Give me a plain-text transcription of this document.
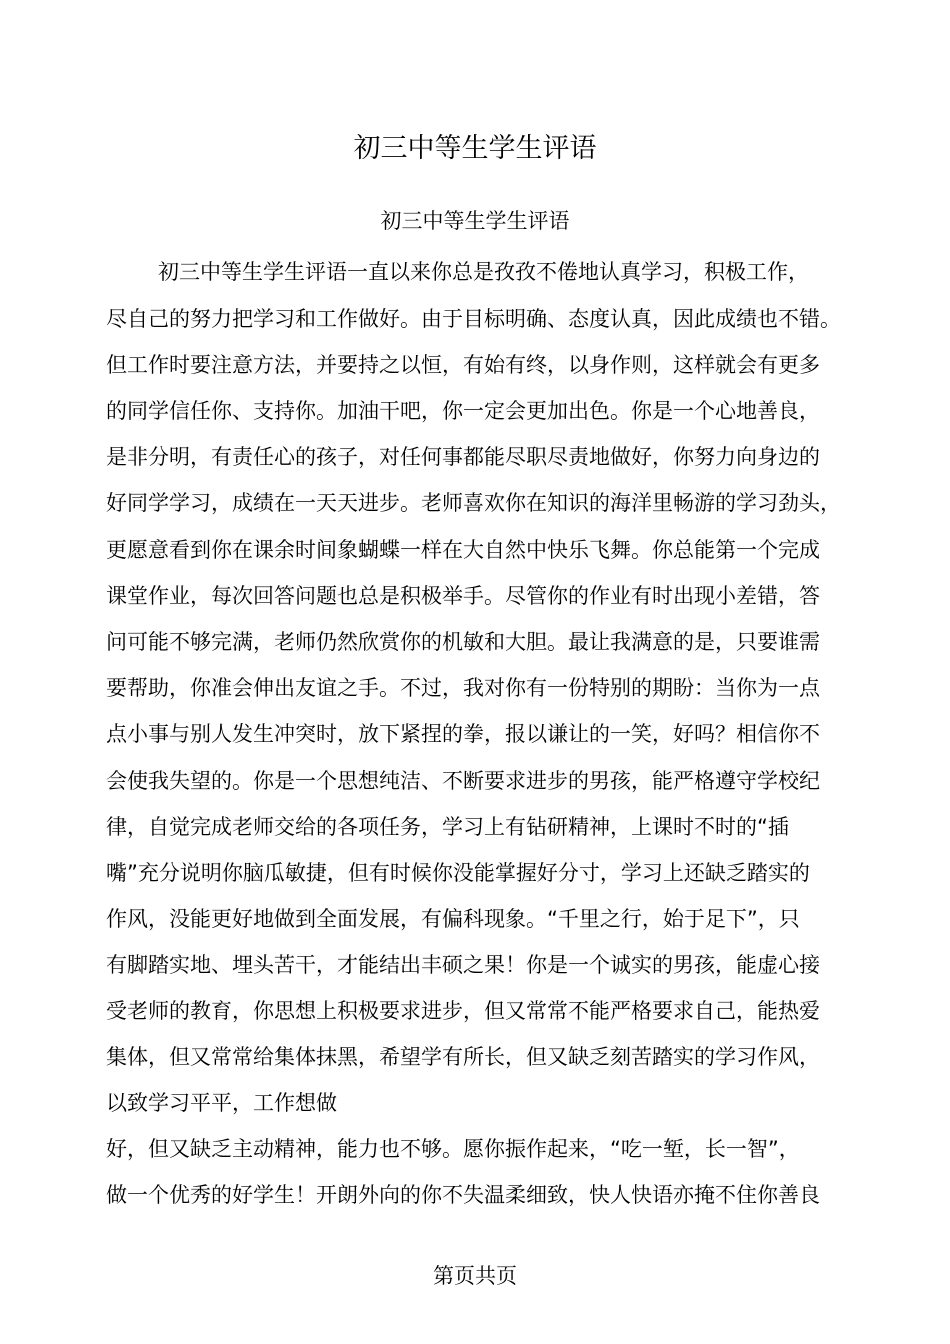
初三中等生学生评语
初三中等生学生评语
初三中等生学生评语一直以来你总是孜孜不倦地认真学习，积极工作，
尽自己的努力把学习和工作做好。由于目标明确、态度认真，因此成绩也不错。
但工作时要注意方法，并要持之以恒，有始有终，以身作则，这样就会有更多
的同学信任你、支持你。加油干吧，你一定会更加出色。你是一个心地善良，
是非分明，有责任心的孩子，对任何事都能尽职尽责地做好，你努力向身边的
好同学学习，成绩在一天天进步。老师喜欢你在知识的海洋里畅游的学习劲头，
更愿意看到你在课余时间象蝴蝶一样在大自然中快乐飞舞。你总能第一个完成
课堂作业，每次回答问题也总是积极举手。尽管你的作业有时出现小差错，答
问可能不够完满，老师仍然欣赏你的机敏和大胆。最让我满意的是，只要谁需
要帮助，你准会伸出友谊之手。不过，我对你有一份特别的期盼：当你为一点
点小事与别人发生冲突时，放下紧捏的拳，报以谦让的一笑，好吗？相信你不
会使我失望的。你是一个思想纯洁、不断要求进步的男孩，能严格遵守学校纪
律，自觉完成老师交给的各项任务，学习上有钻研精神，上课时不时的“插
嘴”充分说明你脑瓜敏捷，但有时候你没能掌握好分寸，学习上还缺乏踏实的
作风，没能更好地做到全面发展，有偏科现象。“千里之行，始于足下”，只
有脚踏实地、埋头苦干，才能结出丰硕之果！你是一个诚实的男孩，能虚心接
受老师的教育，你思想上积极要求进步，但又常常不能严格要求自己，能热爱
集体，但又常常给集体抹黑，希望学有所长，但又缺乏刻苦踏实的学习作风，
以致学习平平，工作想做
好，但又缺乏主动精神，能力也不够。愿你振作起来，“吃一堑，长一智”，
做一个优秀的好学生！开朗外向的你不失温柔细致，快人快语亦掩不住你善良
第页共页
